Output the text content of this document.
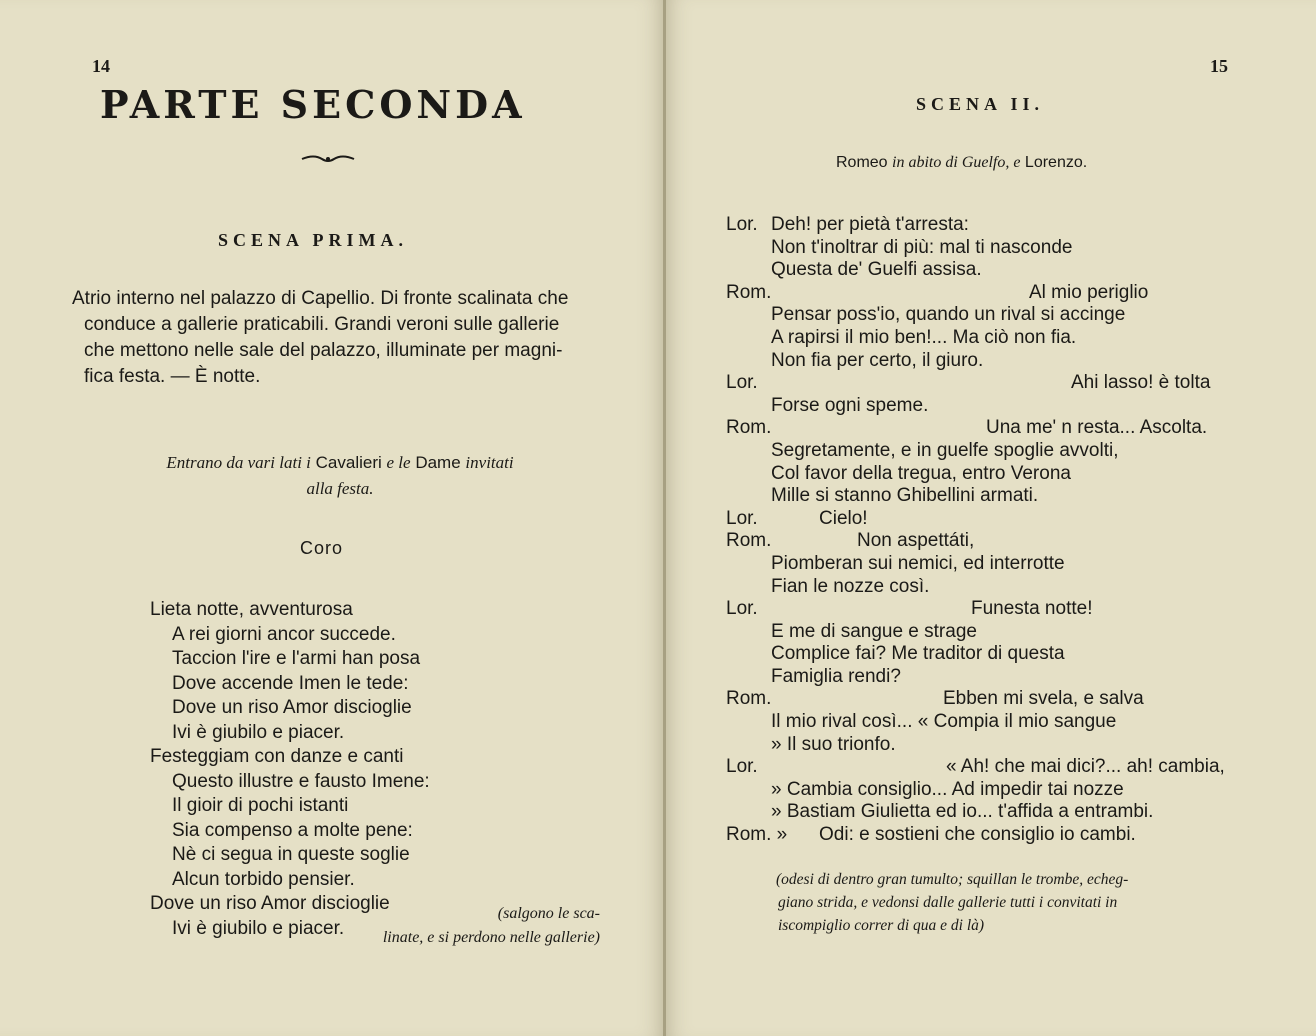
14
PARTE SECONDA
SCENA PRIMA.
Atrio interno nel palazzo di Capellio. Di fronte scalinata che
conduce a gallerie praticabili. Grandi veroni sulle gallerie
che mettono nelle sale del palazzo, illuminate per magni-
fica festa. — È notte.
Entrano da vari lati i Cavalieri e le Dame invitati
alla festa.
Coro
Lieta notte, avventurosa
A rei giorni ancor succede.
Taccion l'ire e l'armi han posa
Dove accende Imen le tede:
Dove un riso Amor discioglie
Ivi è giubilo e piacer.
Festeggiam con danze e canti
Questo illustre e fausto Imene:
Il gioir di pochi istanti
Sia compenso a molte pene:
Nè ci segua in queste soglie
Alcun torbido pensier.
Dove un riso Amor discioglie
Ivi è giubilo e piacer.
(salgono le sca-
linate, e si perdono nelle gallerie)
15
SCENA II.
Romeo in abito di Guelfo, e Lorenzo.
Lor. Deh! per pietà t'arresta:
Non t'inoltrar di più: mal ti nasconde
Questa de' Guelfi assisa.
Rom.	Al mio periglio
Pensar poss'io, quando un rival si accinge
A rapirsi il mio ben!... Ma ciò non fia.
Non fia per certo, il giuro.
Lor.	Ahi lasso! è tolta
Forse ogni speme.
Rom.	Una me' n resta... Ascolta.
Segretamente, e in guelfe spoglie avvolti,
Col favor della tregua, entro Verona
Mille si stanno Ghibellini armati.
Lor.	Cielo!
Rom.	Non aspettáti,
Piomberan sui nemici, ed interrotte
Fian le nozze così.
Lor.	Funesta notte!
E me di sangue e strage
Complice fai? Me traditor di questa
Famiglia rendi?
Rom.	Ebben mi svela, e salva
Il mio rival così... « Compia il mio sangue
» Il suo trionfo.
Lor.	« Ah! che mai dici?... ah! cambia,
» Cambia consiglio... Ad impedir tai nozze
» Bastiam Giulietta ed io... t'affida a entrambi.
Rom. »	Odi: e sostieni che consiglio io cambi.
(odesi di dentro gran tumulto; squillan le trombe, echeg-
giano strida, e vedonsi dalle gallerie tutti i convitati in
iscompiglio correr di qua e di là)
